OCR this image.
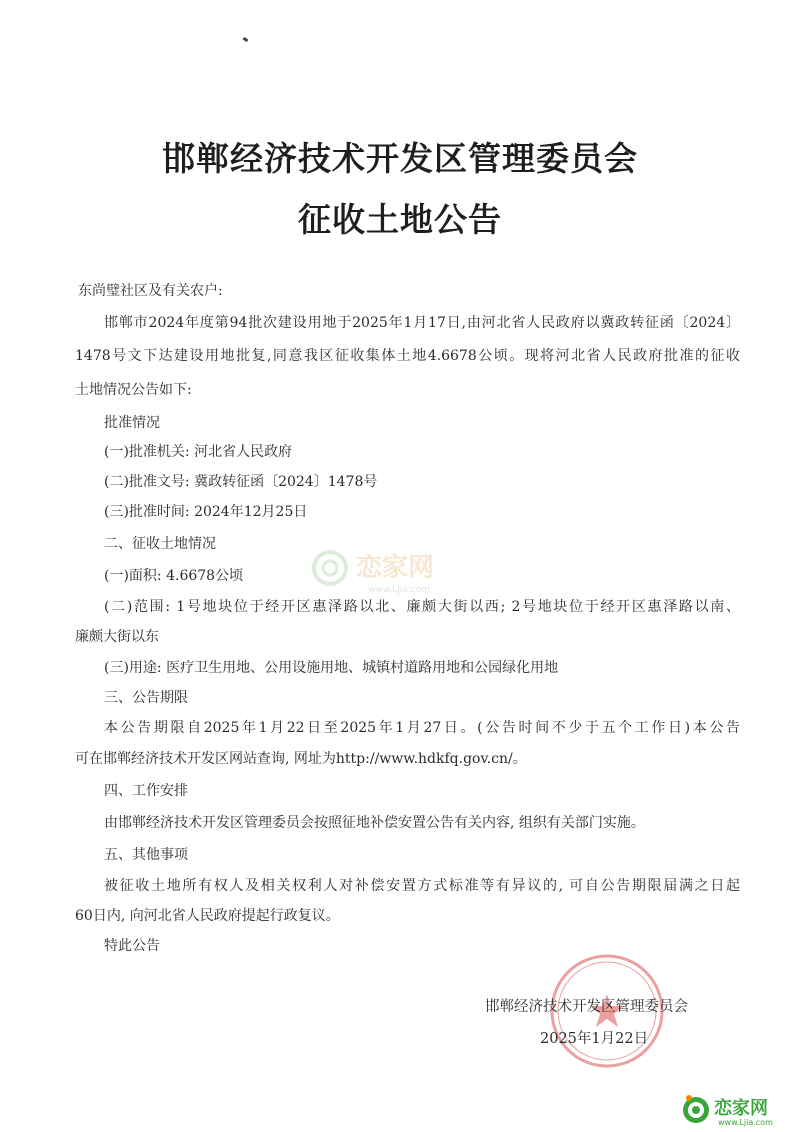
邯郸经济技术开发区管理委员会
征收土地公告
东尚璧社区及有关农户:
邯郸市2024年度第94批次建设用地于2025年1月17日,由河北省人民政府以冀政转征函〔2024〕
1478号文下达建设用地批复,同意我区征收集体土地4.6678公顷。现将河北省人民政府批准的征收
土地情况公告如下:
批准情况
(一)批准机关: 河北省人民政府
(二)批准文号: 冀政转征函〔2024〕1478号
(三)批准时间: 2024年12月25日
二、征收土地情况
(一)面积: 4.6678公顷
(二)范围: 1号地块位于经开区惠泽路以北、廉颇大街以西; 2号地块位于经开区惠泽路以南、
廉颇大街以东
(三)用途: 医疗卫生用地、公用设施用地、城镇村道路用地和公园绿化用地
三、公告期限
本公告期限自2025年1月22日至2025年1月27日。(公告时间不少于五个工作日)本公告
可在邯郸经济技术开发区网站查询, 网址为http://www.hdkfq.gov.cn/。
四、工作安排
由邯郸经济技术开发区管理委员会按照征地补偿安置公告有关内容, 组织有关部门实施。
五、其他事项
被征收土地所有权人及相关权利人对补偿安置方式标准等有异议的, 可自公告期限届满之日起
60日内, 向河北省人民政府提起行政复议。
特此公告
恋家网
www.Ljia.com
邯郸经济技术开发区管理委员会
2025年1月22日
恋家网
www.Ljia.com
